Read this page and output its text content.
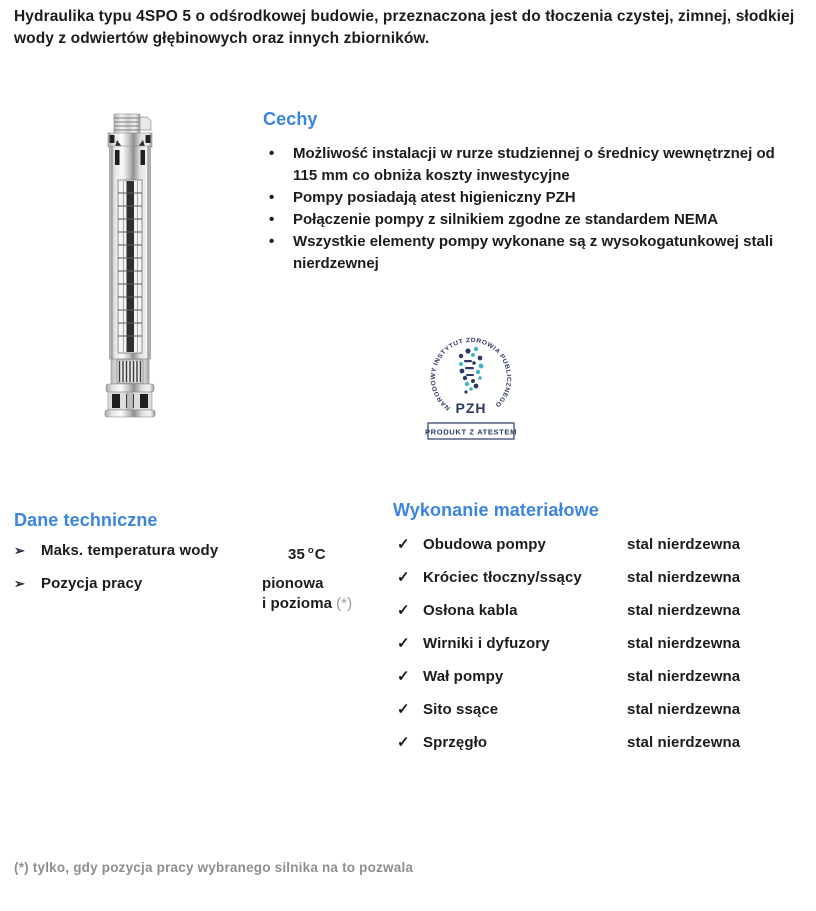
Hydraulika typu 4SPO 5 o odśrodkowej budowie, przeznaczona jest do tłoczenia czystej, zimnej, słodkiej wody z odwiertów głębinowych oraz innych zbiorników.
Cechy
•	Możliwość instalacji w rurze studziennej o średnicy wewnętrznej od 115 mm co obniża koszty inwestycyjne
•	Pompy posiadają atest higieniczny PZH
•	Połączenie pompy z silnikiem zgodne ze standardem NEMA
•	Wszystkie elementy pompy wykonane są z wysokogatunkowej stali nierdzewnej
NARODOWY INSTYTUT ZDROWIA PUBLICZNEGO
PZH
PRODUKT Z ATESTEM
Dane techniczne
➢	Maks. temperatura wody	35 $^o$C
➢	Pozycja pracy	pionowa
i pozioma (*)
Wykonanie materiałowe
✓ Obudowa pompy	stal nierdzewna
✓ Króciec tłoczny/ssący	stal nierdzewna
✓ Osłona kabla	stal nierdzewna
✓ Wirniki i dyfuzory	stal nierdzewna
✓ Wał pompy	stal nierdzewna
✓ Sito ssące	stal nierdzewna
✓ Sprzęgło	stal nierdzewna
(*) tylko, gdy pozycja pracy wybranego silnika na to pozwala
